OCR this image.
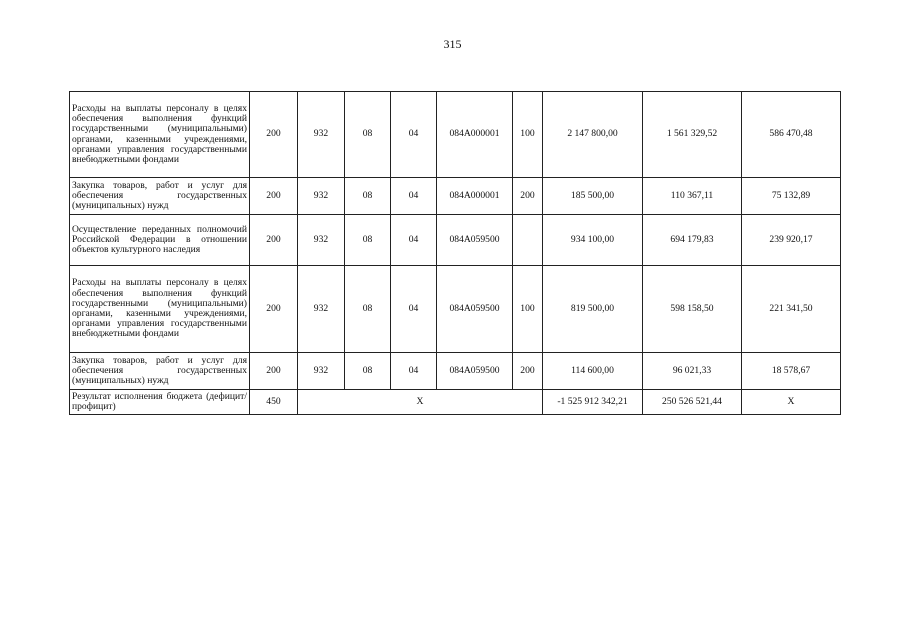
315
Расходы на выплаты персоналу в целях обеспечения выполнения функций государственными (муниципальными) органами, казенными учреждениями, органами управления государственными внебюджетными фондами	200	932	08	04	084A000001	100	2 147 800,00	1 561 329,52	586 470,48
Закупка товаров, работ и услуг для обеспечения государственных (муниципальных) нужд	200	932	08	04	084A000001	200	185 500,00	110 367,11	75 132,89
Осуществление переданных полномочий Российской Федерации в отношении объектов культурного наследия	200	932	08	04	084A059500		934 100,00	694 179,83	239 920,17
Расходы на выплаты персоналу в целях обеспечения выполнения функций государственными (муниципальными) органами, казенными учреждениями, органами управления государственными внебюджетными фондами	200	932	08	04	084A059500	100	819 500,00	598 158,50	221 341,50
Закупка товаров, работ и услуг для обеспечения государственных (муниципальных) нужд	200	932	08	04	084A059500	200	114 600,00	96 021,33	18 578,67
Результат исполнения бюджета (дефицит/профицит)	450	X					-1 525 912 342,21	250 526 521,44	X
